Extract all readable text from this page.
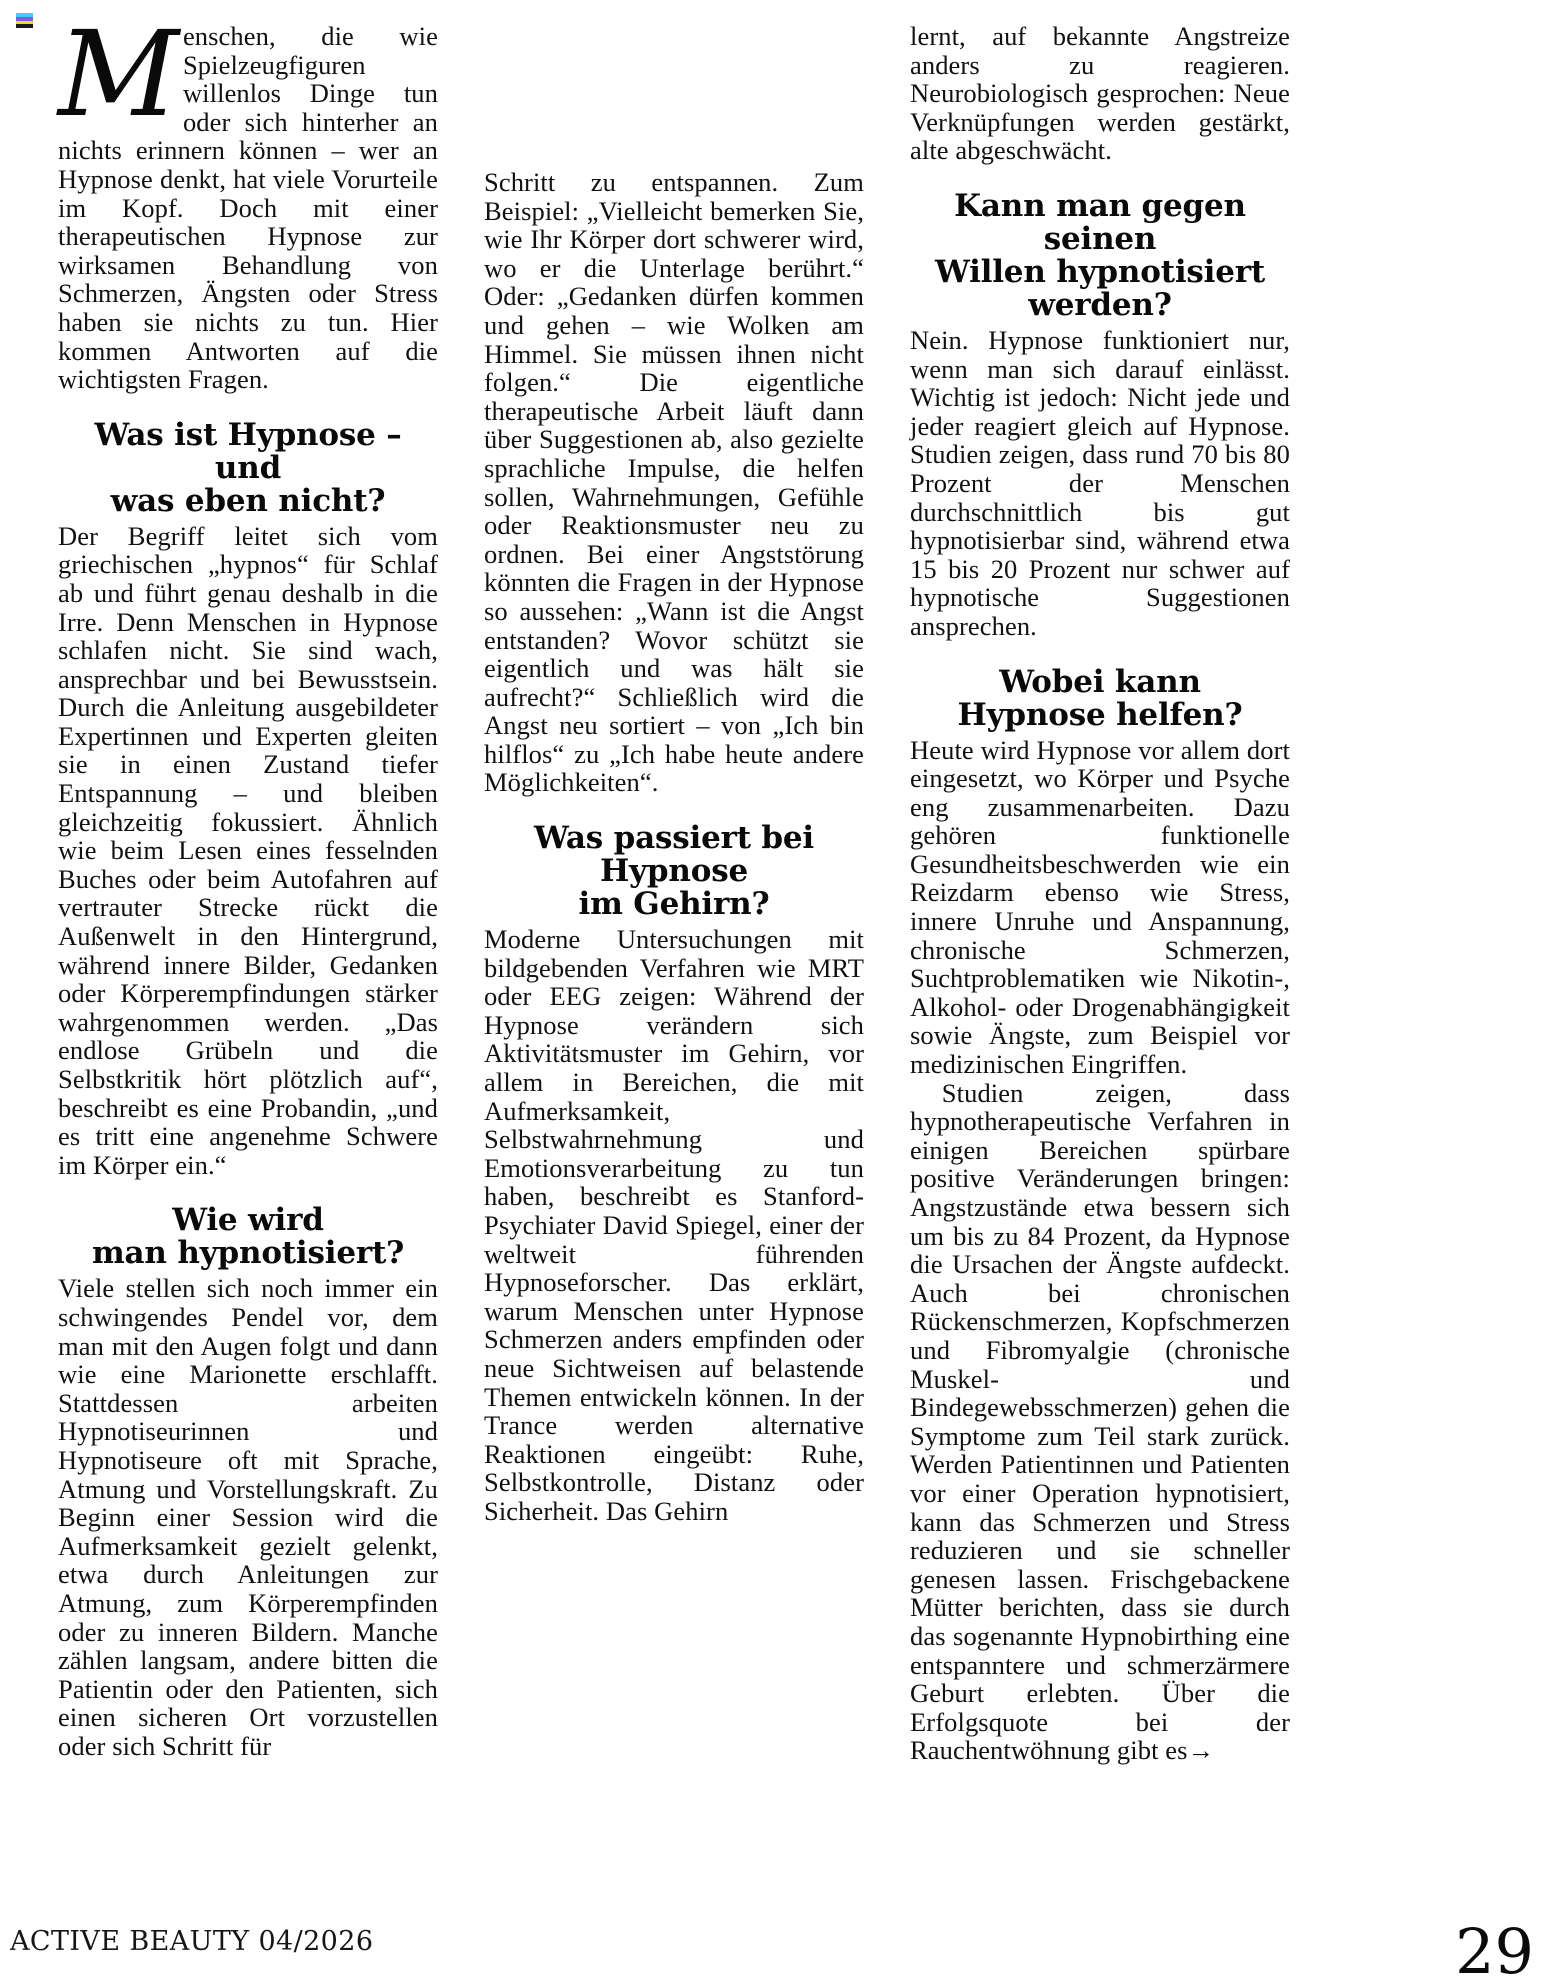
Menschen, die wie Spielzeugfiguren willenlos Dinge tun oder sich hinterher an nichts erinnern können – wer an Hypnose denkt, hat viele Vorurteile im Kopf. Doch mit einer therapeutischen Hypnose zur wirksamen Behandlung von Schmerzen, Ängsten oder Stress haben sie nichts zu tun. Hier kommen Antworten auf die wichtigsten Fragen.

Was ist Hypnose – und
was eben nicht?

Der Begriff leitet sich vom griechischen „hypnos“ für Schlaf ab und führt genau deshalb in die Irre. Denn Menschen in Hypnose schlafen nicht. Sie sind wach, ansprechbar und bei Bewusstsein. Durch die Anleitung ausgebildeter Expertinnen und Experten gleiten sie in einen Zustand tiefer Entspannung – und bleiben gleichzeitig fokussiert. Ähnlich wie beim Lesen eines fesselnden Buches oder beim Autofahren auf vertrauter Strecke rückt die Außenwelt in den Hintergrund, während innere Bilder, Gedanken oder Körperempfindungen stärker wahrgenommen werden. „Das endlose Grübeln und die Selbstkritik hört plötzlich auf“, beschreibt es eine Probandin, „und es tritt eine angenehme Schwere im Körper ein.“

Wie wird
man hypnotisiert?

Viele stellen sich noch immer ein schwingendes Pendel vor, dem man mit den Augen folgt und dann wie eine Marionette erschlafft. Stattdessen arbeiten Hypnotiseurinnen und Hypnotiseure oft mit Sprache, Atmung und Vorstellungskraft. Zu Beginn einer Session wird die Aufmerksamkeit gezielt gelenkt, etwa durch Anleitungen zur Atmung, zum Körperempfinden oder zu inneren Bildern. Manche zählen langsam, andere bitten die Patientin oder den Patienten, sich einen sicheren Ort vorzustellen oder sich Schritt für

Schritt zu entspannen. Zum Beispiel: „Vielleicht bemerken Sie, wie Ihr Körper dort schwerer wird, wo er die Unterlage berührt.“ Oder: „Gedanken dürfen kommen und gehen – wie Wolken am Himmel. Sie müssen ihnen nicht folgen.“ Die eigentliche therapeutische Arbeit läuft dann über Suggestionen ab, also gezielte sprachliche Impulse, die helfen sollen, Wahrnehmungen, Gefühle oder Reaktionsmuster neu zu ordnen. Bei einer Angststörung könnten die Fragen in der Hypnose so aussehen: „Wann ist die Angst entstanden? Wovor schützt sie eigentlich und was hält sie aufrecht?“ Schließlich wird die Angst neu sortiert – von „Ich bin hilflos“ zu „Ich habe heute andere Möglichkeiten“.

Was passiert bei Hypnose
im Gehirn?

Moderne Untersuchungen mit bildgebenden Verfahren wie MRT oder EEG zeigen: Während der Hypnose verändern sich Aktivitätsmuster im Gehirn, vor allem in Bereichen, die mit Aufmerksamkeit, Selbstwahrnehmung und Emotionsverarbeitung zu tun haben, beschreibt es Stanford-Psychiater David Spiegel, einer der weltweit führenden Hypnoseforscher. Das erklärt, warum Menschen unter Hypnose Schmerzen anders empfinden oder neue Sichtweisen auf belastende Themen entwickeln können. In der Trance werden alternative Reaktionen eingeübt: Ruhe, Selbstkontrolle, Distanz oder Sicherheit. Das Gehirn

lernt, auf bekannte Angstreize anders zu reagieren. Neurobiologisch gesprochen: Neue Verknüpfungen werden gestärkt, alte abgeschwächt.

Kann man gegen seinen
Willen hypnotisiert werden?

Nein. Hypnose funktioniert nur, wenn man sich darauf einlässt. Wichtig ist jedoch: Nicht jede und jeder reagiert gleich auf Hypnose. Studien zeigen, dass rund 70 bis 80 Prozent der Menschen durchschnittlich bis gut hypnotisierbar sind, während etwa 15 bis 20 Prozent nur schwer auf hypnotische Suggestionen ansprechen.

Wobei kann
Hypnose helfen?

Heute wird Hypnose vor allem dort eingesetzt, wo Körper und Psyche eng zusammenarbeiten. Dazu gehören funktionelle Gesundheitsbeschwerden wie ein Reizdarm ebenso wie Stress, innere Unruhe und Anspannung, chronische Schmerzen, Suchtproblematiken wie Nikotin-, Alkohol- oder Drogenabhängigkeit sowie Ängste, zum Beispiel vor medizinischen Eingriffen.

Studien zeigen, dass hypnotherapeutische Verfahren in einigen Bereichen spürbare positive Veränderungen bringen: Angstzustände etwa bessern sich um bis zu 84 Prozent, da Hypnose die Ursachen der Ängste aufdeckt. Auch bei chronischen Rückenschmerzen, Kopfschmerzen und Fibromyalgie (chronische Muskel- und Bindegewebsschmerzen) gehen die Symptome zum Teil stark zurück. Werden Patientinnen und Patienten vor einer Operation hypnotisiert, kann das Schmerzen und Stress reduzieren und sie schneller genesen lassen. Frischgebackene Mütter berichten, dass sie durch das sogenannte Hypnobirthing eine entspanntere und schmerzärmere Geburt erlebten. Über die Erfolgsquote bei der Rauchentwöhnung gibt es→

ACTIVE BEAUTY 04/2026	29
